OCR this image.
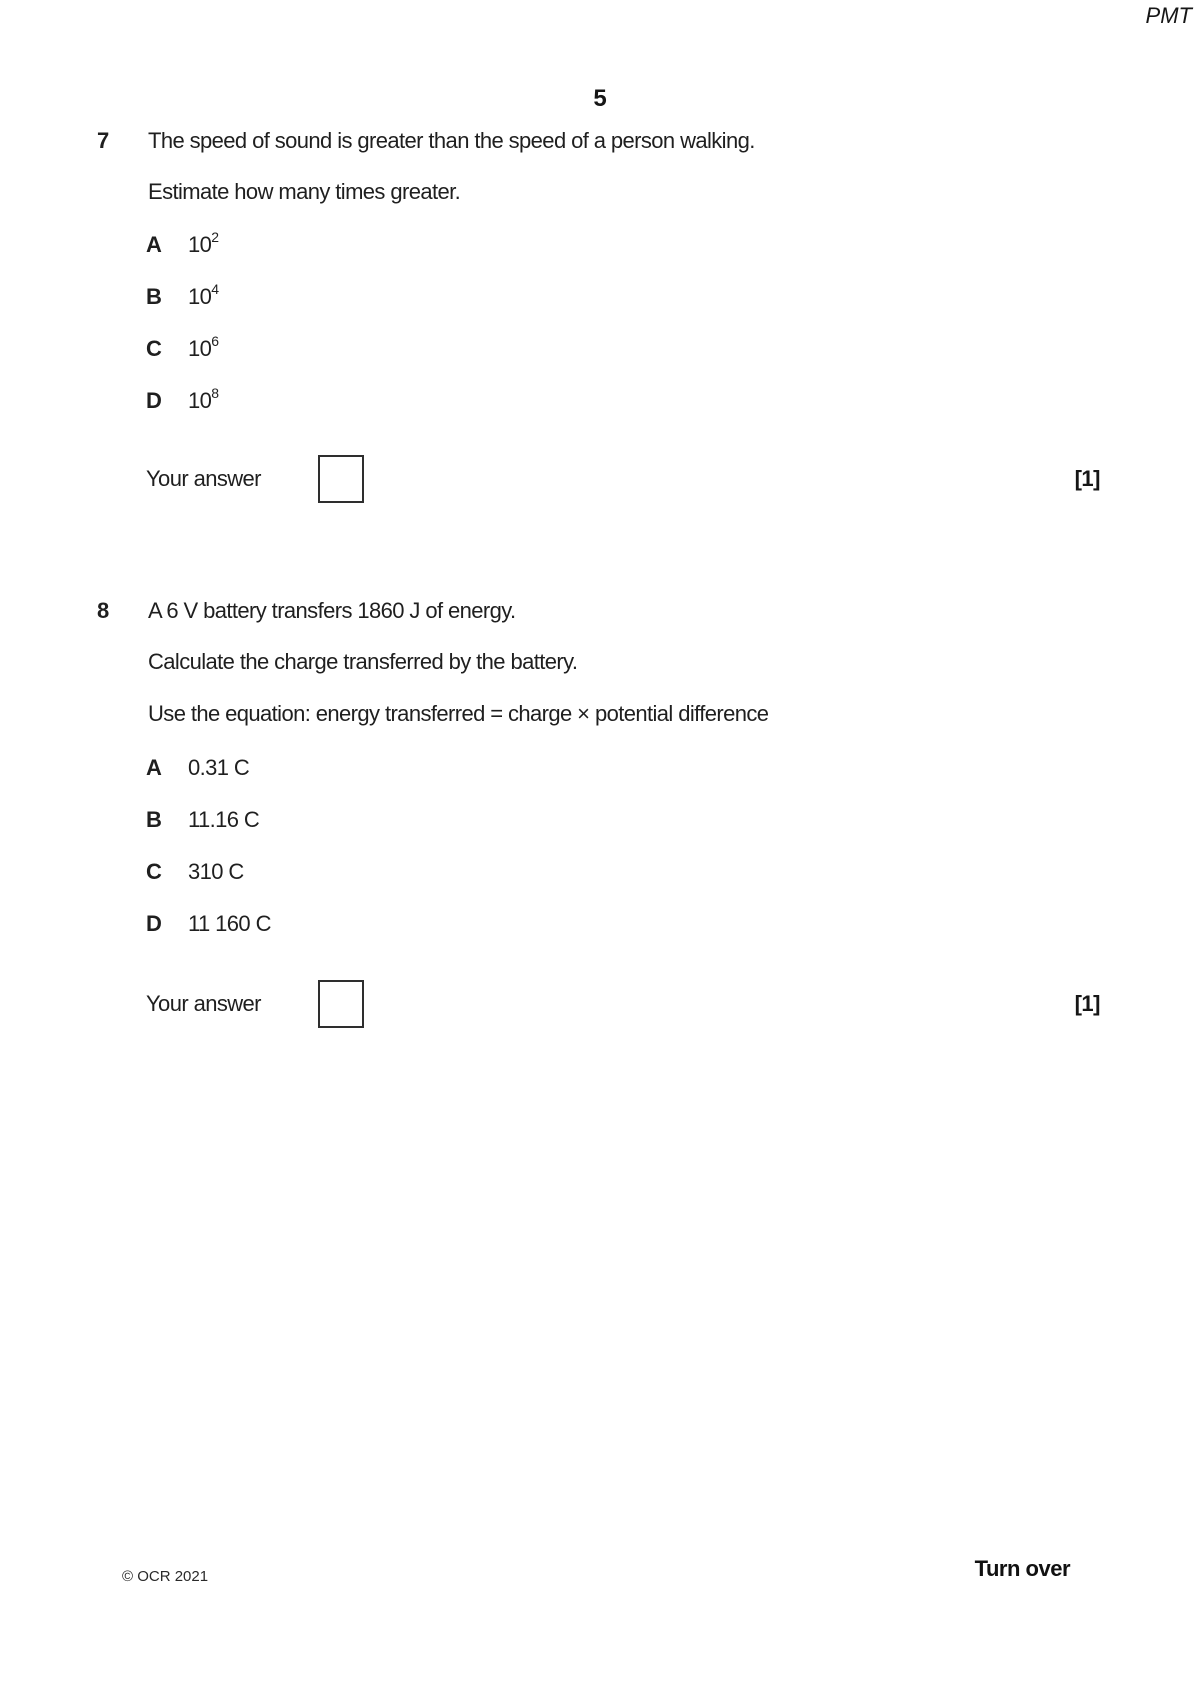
PMT
5
7 The speed of sound is greater than the speed of a person walking.
Estimate how many times greater.
A $10^2$
B $10^4$
C $10^6$
D $10^8$
Your answer	[1]
8 A 6 V battery transfers 1860 J of energy.
Calculate the charge transferred by the battery.
Use the equation: energy transferred = charge × potential difference
A 0.31 C
B 11.16 C
C 310 C
D 11 160 C
Your answer	[1]
© OCR 2021	Turn over
